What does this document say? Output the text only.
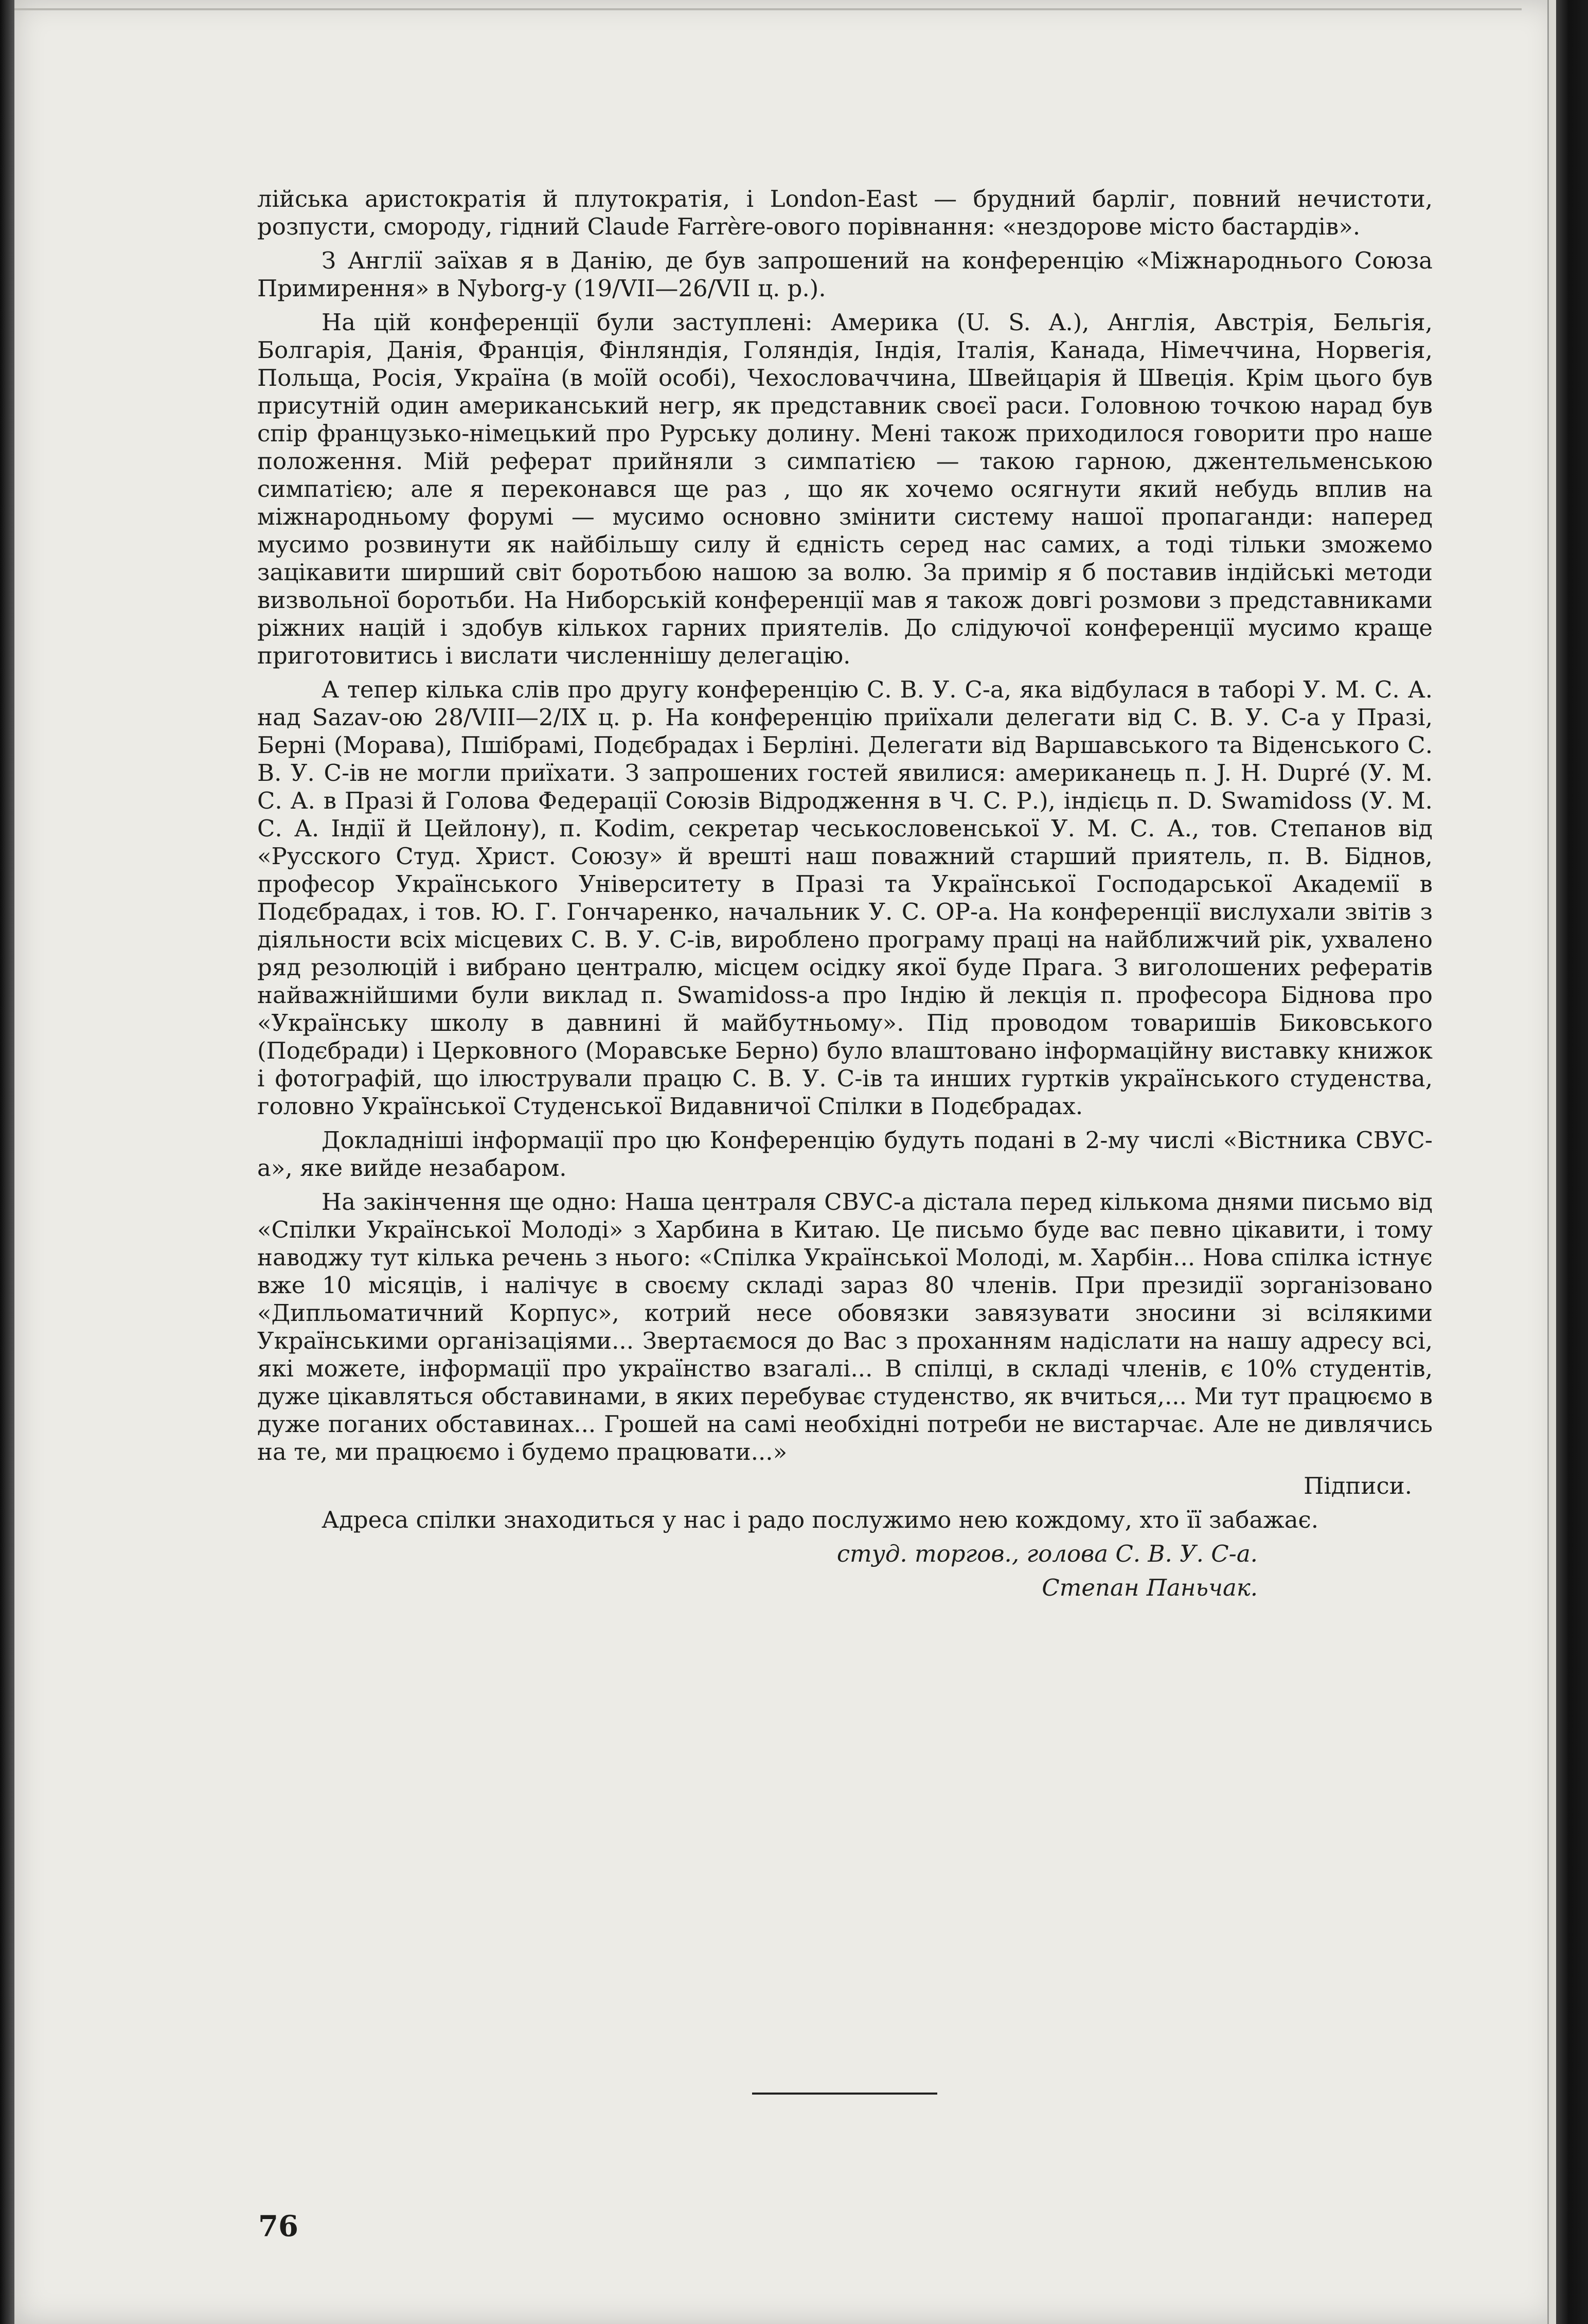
лійська аристократія й плутократія, і London-East — брудний барліг, повний нечистоти, розпусти, смороду, гідний Claude Farrère-ового порівнання: «нездорове місто бастардів».

З Англії заїхав я в Данію, де був запрошений на конференцію «Міжнароднього Союза Примирення» в Nyborg-у (19/VII—26/VII ц. р.).

На цій конференції були заступлені: Америка (U. S. A.), Англія, Австрія, Бельгія, Болгарія, Данія, Франція, Фінляндія, Голяндія, Індія, Італія, Канада, Німеччина, Норвегія, Польща, Росія, Україна (в моїй особі), Чехословаччина, Швейцарія й Швеція. Крім цього був присутній один американський негр, як представник своєї раси. Головною точкою нарад був спір французько-німецький про Рурську долину. Мені також приходилося говорити про наше положення. Мій реферат прийняли з симпатією — такою гарною, джентельменською симпатією; але я переконався ще раз , що як хочемо осягнути який небудь вплив на міжнародньому форумі — мусимо основно змінити систему нашої пропаганди: наперед мусимо розвинути як найбільшу силу й єдність серед нас самих, а тоді тільки зможемо зацікавити ширший світ боротьбою нашою за волю. За примір я б поставив індійські методи визвольної боротьби. На Ниборській конференції мав я також довгі розмови з представниками ріжних націй і здобув кількох гарних приятелів. До слідуючої конференції мусимо краще приготовитись і вислати численнішу делегацію.

А тепер кілька слів про другу конференцію С. В. У. С-а, яка відбулася в таборі У. М. С. А. над Sazav-ою 28/VIII—2/IX ц. р. На конференцію приїхали делегати від С. В. У. С-а у Празі, Берні (Морава), Пшібрамі, Подєбрадах і Берліні. Делегати від Варшавського та Віденського С. В. У. С-ів не могли приїхати. З запрошених гостей явилися: американець п. J. H. Dupré (У. М. С. А. в Празі й Голова Федерації Союзів Відродження в Ч. С. Р.), індієць п. D. Swamidoss (У. М. С. А. Індії й Цейлону), п. Kodim, секретар чеськословенської У. М. С. А., тов. Степанов від «Русского Студ. Христ. Союзу» й врешті наш поважний старший приятель, п. В. Біднов, професор Українського Університету в Празі та Української Господарської Академії в Подєбрадах, і тов. Ю. Г. Гончаренко, начальник У. С. ОР-а. На конференції вислухали звітів з діяльности всіх місцевих С. В. У. С-ів, вироблено програму праці на найближчий рік, ухвалено ряд резолюцій і вибрано централю, місцем осідку якої буде Прага. З виголошених рефератів найважнійшими були виклад п. Swamidoss-а про Індію й лекція п. професора Біднова про «Українську школу в давнині й майбутньому». Під проводом товаришів Биковського (Подєбради) і Церковного (Моравське Берно) було влаштовано інформаційну виставку книжок і фотографій, що ілюстрували працю С. В. У. С-ів та инших гуртків українського студенства, головно Української Студенської Видавничої Спілки в Подєбрадах.

Докладніші інформації про цю Конференцію будуть подані в 2-му числі «Вістника СВУС-а», яке вийде незабаром.

На закінчення ще одно: Наша централя СВУС-а дістала перед кількома днями письмо від «Спілки Української Молоді» з Харбина в Китаю. Це письмо буде вас певно цікавити, і тому наводжу тут кілька речень з нього: «Спілка Української Молоді, м. Харбін... Нова спілка істнує вже 10 місяців, і налічує в своєму складі зараз 80 членів. При президії зорганізовано «Дипльоматичний Корпус», котрий несе обовязки завязувати зносини зі всілякими Українськими організаціями... Звертаємося до Вас з проханням надіслати на нашу адресу всі, які можете, інформації про українство взагалі... В спілці, в складі членів, є 10% студентів, дуже цікавляться обставинами, в яких перебуває студенство, як вчиться,... Ми тут працюємо в дуже поганих обставинах... Грошей на самі необхідні потреби не вистарчає. Але не дивлячись на те, ми працюємо і будемо працювати...»

Підписи.

Адреса спілки знаходиться у нас і радо послужимо нею кождому, хто її забажає.

студ. торгов., голова С. В. У. С-а.

Степан Паньчак.

76
